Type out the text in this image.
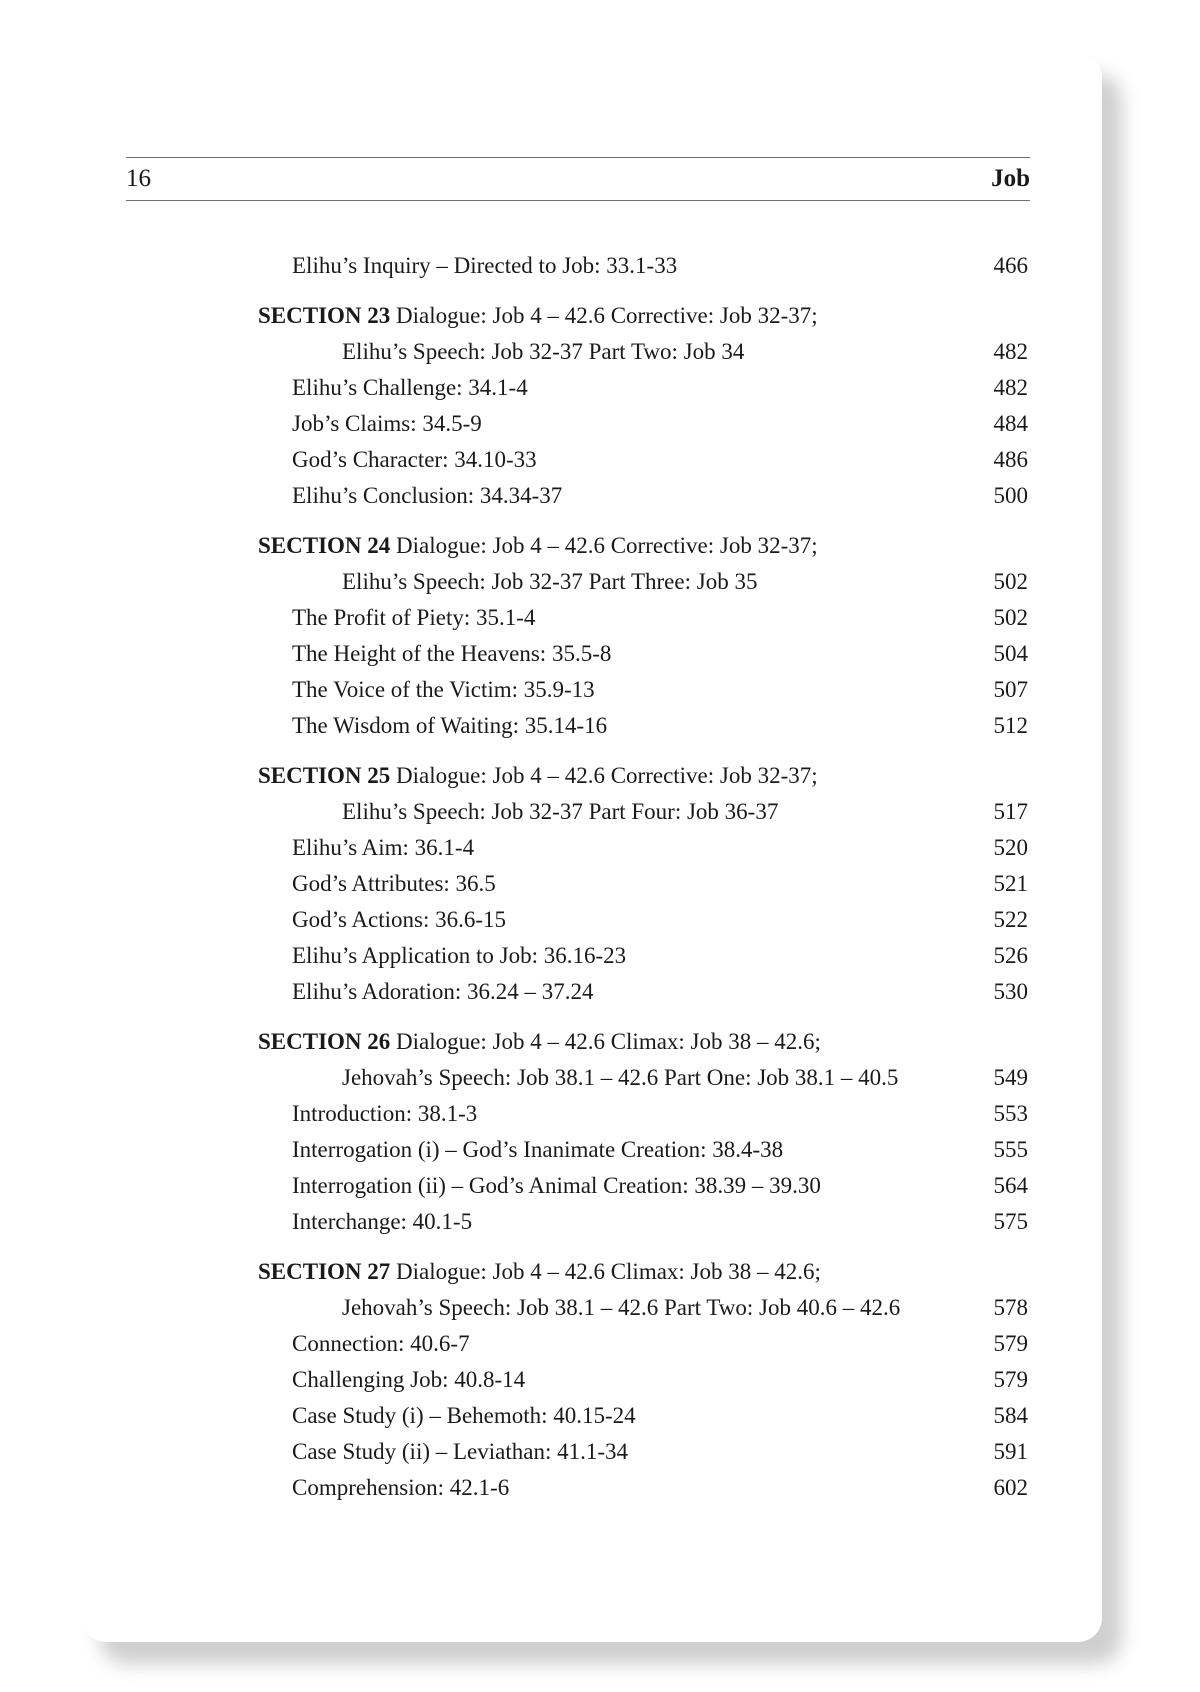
16	Job
Elihu’s Inquiry – Directed to Job: 33.1-33	466
SECTION 23 Dialogue: Job 4 – 42.6 Corrective: Job 32-37;
Elihu’s Speech: Job 32-37 Part Two: Job 34	482
Elihu’s Challenge: 34.1-4	482
Job’s Claims: 34.5-9	484
God’s Character: 34.10-33	486
Elihu’s Conclusion: 34.34-37	500
SECTION 24 Dialogue: Job 4 – 42.6 Corrective: Job 32-37;
Elihu’s Speech: Job 32-37 Part Three: Job 35	502
The Profit of Piety: 35.1-4	502
The Height of the Heavens: 35.5-8	504
The Voice of the Victim: 35.9-13	507
The Wisdom of Waiting: 35.14-16	512
SECTION 25 Dialogue: Job 4 – 42.6 Corrective: Job 32-37;
Elihu’s Speech: Job 32-37 Part Four: Job 36-37	517
Elihu’s Aim: 36.1-4	520
God’s Attributes: 36.5	521
God’s Actions: 36.6-15	522
Elihu’s Application to Job: 36.16-23	526
Elihu’s Adoration: 36.24 – 37.24	530
SECTION 26 Dialogue: Job 4 – 42.6 Climax: Job 38 – 42.6;
Jehovah’s Speech: Job 38.1 – 42.6 Part One: Job 38.1 – 40.5	549
Introduction: 38.1-3	553
Interrogation (i) – God’s Inanimate Creation: 38.4-38	555
Interrogation (ii) – God’s Animal Creation: 38.39 – 39.30	564
Interchange: 40.1-5	575
SECTION 27 Dialogue: Job 4 – 42.6 Climax: Job 38 – 42.6;
Jehovah’s Speech: Job 38.1 – 42.6 Part Two: Job 40.6 – 42.6	578
Connection: 40.6-7	579
Challenging Job: 40.8-14	579
Case Study (i) – Behemoth: 40.15-24	584
Case Study (ii) – Leviathan: 41.1-34	591
Comprehension: 42.1-6	602
